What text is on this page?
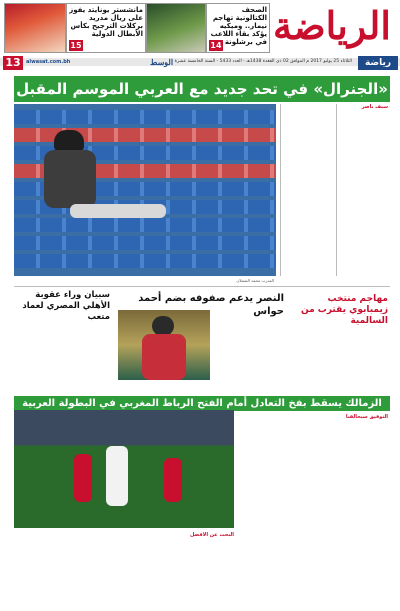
الرياضة
الصحف الكتالونية تهاجم نيمار.. وميكيه يؤكد بقاء اللاعب في برشلونة
14
مانشستر يونايتد يفوز على ريال مدريد بركلات الترجيح بكأس الأبطال الدولية
15
الثلاثاء 25 يوليو 2017 م الموافق 02 ذي القعدة 1438هـ - العدد 5433 - السنة الخامسة عشرة	رياضة
13	alwasat.com.bh	الوسط
«الجنرال» في تحد جديد مع العربي الموسم المقبل
المدرب محمد الشملان
سيف ناصر
سبيان وراء عقوبة الأهلي المصري لعماد متعب
النصر يدعم صفوفه بضم أحمد حواس
مهاجم منتخب زيمبابوي يقترب من السالمية
الزمالك يسقط بفخ التعادل أمام الفتح الرباط المغربي في البطولة العربية
التوفيق سيحالفنا
البحث عن الأفضل
